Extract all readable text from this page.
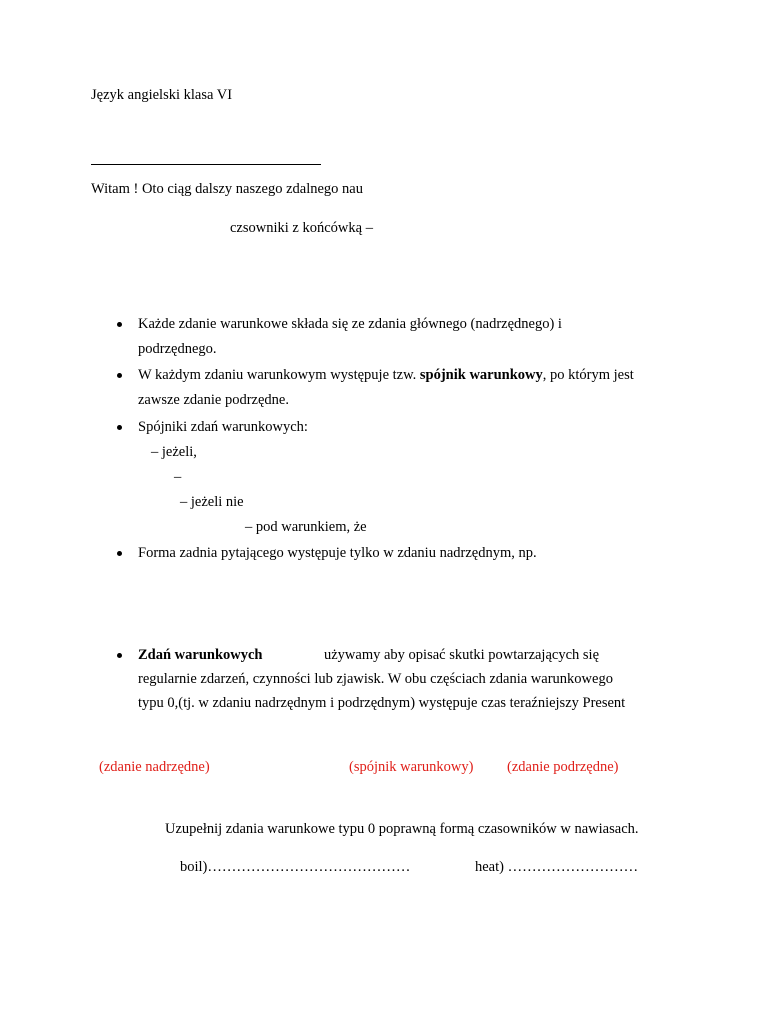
Język angielski klasa VI
Witam ! Oto ciąg dalszy naszego zdalnego nau
czsowniki z końcówką –
Każde zdanie warunkowe składa się ze zdania głównego (nadrzędnego) i
podrzędnego.
W każdym zdaniu warunkowym występuje tzw. spójnik warunkowy, po którym jest
zawsze zdanie podrzędne.
Spójniki zdań warunkowych:
– jeżeli,
–
– jeżeli nie
– pod warunkiem, że
Forma zadnia pytającego występuje tylko w zdaniu nadrzędnym, np.
Zdań warunkowych	używamy aby opisać skutki powtarzających się
regularnie zdarzeń, czynności lub zjawisk. W obu częściach zdania warunkowego
typu 0,(tj. w zdaniu nadrzędnym i podrzędnym) występuje czas teraźniejszy Present
(zdanie nadrzędne)	(spójnik warunkowy) (zdanie podrzędne)
Uzupełnij zdania warunkowe typu 0 poprawną formą czasowników w nawiasach.
boil)……………………………………	heat) ………………………
